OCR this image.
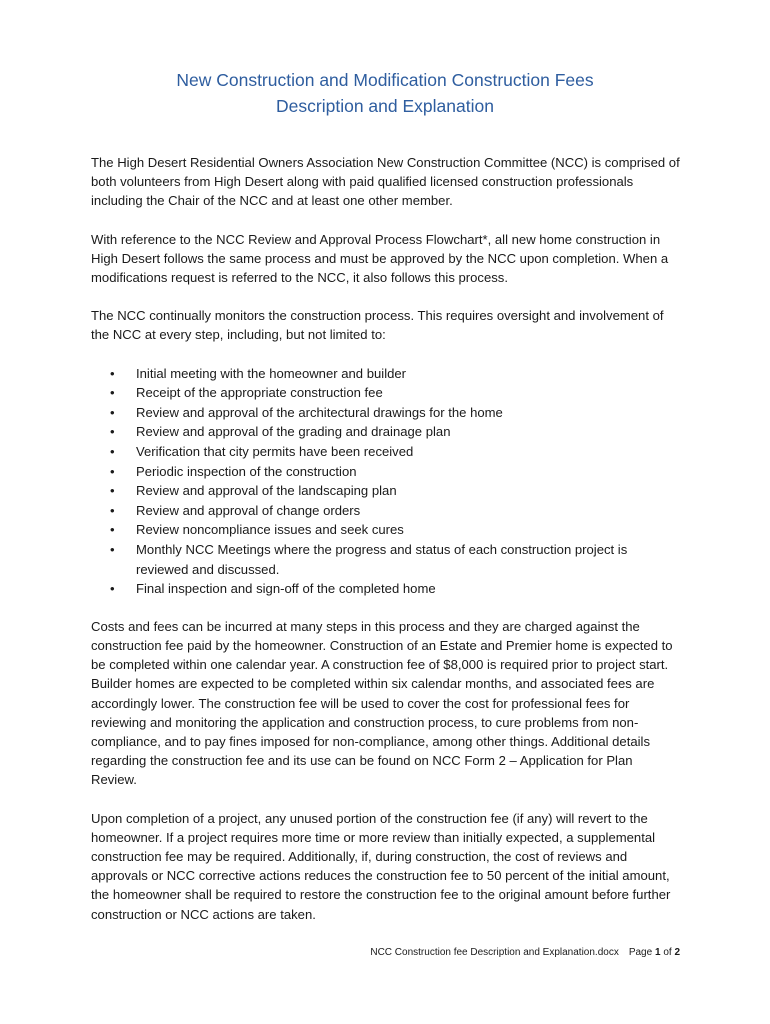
New Construction and Modification Construction Fees
Description and Explanation

The High Desert Residential Owners Association New Construction Committee (NCC) is comprised of both volunteers from High Desert along with paid qualified licensed construction professionals including the Chair of the NCC and at least one other member.

With reference to the NCC Review and Approval Process Flowchart*, all new home construction in High Desert follows the same process and must be approved by the NCC upon completion. When a modifications request is referred to the NCC, it also follows this process.

The NCC continually monitors the construction process. This requires oversight and involvement of the NCC at every step, including, but not limited to:

• Initial meeting with the homeowner and builder
• Receipt of the appropriate construction fee
• Review and approval of the architectural drawings for the home
• Review and approval of the grading and drainage plan
• Verification that city permits have been received
• Periodic inspection of the construction
• Review and approval of the landscaping plan
• Review and approval of change orders
• Review noncompliance issues and seek cures
• Monthly NCC Meetings where the progress and status of each construction project is reviewed and discussed.
• Final inspection and sign-off of the completed home

Costs and fees can be incurred at many steps in this process and they are charged against the construction fee paid by the homeowner. Construction of an Estate and Premier home is expected to be completed within one calendar year. A construction fee of $8,000 is required prior to project start. Builder homes are expected to be completed within six calendar months, and associated fees are accordingly lower. The construction fee will be used to cover the cost for professional fees for reviewing and monitoring the application and construction process, to cure problems from non-compliance, and to pay fines imposed for non-compliance, among other things. Additional details regarding the construction fee and its use can be found on NCC Form 2 – Application for Plan Review.

Upon completion of a project, any unused portion of the construction fee (if any) will revert to the homeowner. If a project requires more time or more review than initially expected, a supplemental construction fee may be required. Additionally, if, during construction, the cost of reviews and approvals or NCC corrective actions reduces the construction fee to 50 percent of the initial amount, the homeowner shall be required to restore the construction fee to the original amount before further construction or NCC actions are taken.

NCC Construction fee Description and Explanation.docx Page 1 of 2
